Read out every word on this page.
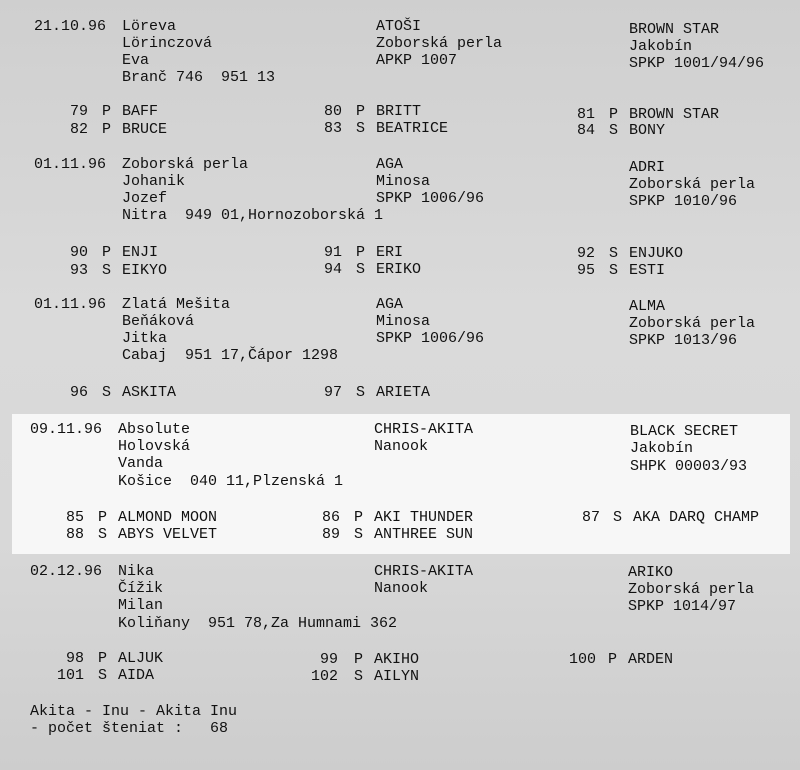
21.10.96 Lörevа
Lörinczová
Eva
Branč 746  951 13
ATOŠI
Zoborská perla
APKP 1007
BROWN STAR
Jakobín
SPKP 1001/94/96
79 P BAFF	80 P BRITT	81 P BROWN STAR
82 P BRUCE	83 S BEATRICE	84 S BONY
01.11.96 Zoborská perla
Johanik
Jozef
Nitra  949 01,Hornozoborská 1
AGA
Minosa
SPKP 1006/96
ADRI
Zoborská perla
SPKP 1010/96
90 P ENJI	91 P ERI	92 S ENJUKO
93 S EIKYO	94 S ERIKO	95 S ESTI
01.11.96 Zlatá Mešita
Beňáková
Jitka
Cabaj  951 17,Čápor 1298
AGA
Minosa
SPKP 1006/96
ALMA
Zoborská perla
SPKP 1013/96
96 S ASKITA	97 S ARIETA
09.11.96 Absolute
Holovská
Vanda
Košice  040 11,Plzenská 1
CHRIS-AKITA
Nanook
BLACK SECRET
Jakobín
SHPK 00003/93
85 P ALMOND MOON	86 P AKI THUNDER	87 S AKA DARQ CHAMP
88 S ABYS VELVET	89 S ANTHREE SUN
02.12.96 Nika
Čížik
Milan
Koliňany  951 78,Za Humnami 362
CHRIS-AKITA
Nanook
ARIKO
Zoborská perla
SPKP 1014/97
98 P ALJUK	99 P AKIHO	100 P ARDEN
101 S AIDA	102 S AILYN
Akita - Inu - Akita Inu
- počet šteniat :   68
